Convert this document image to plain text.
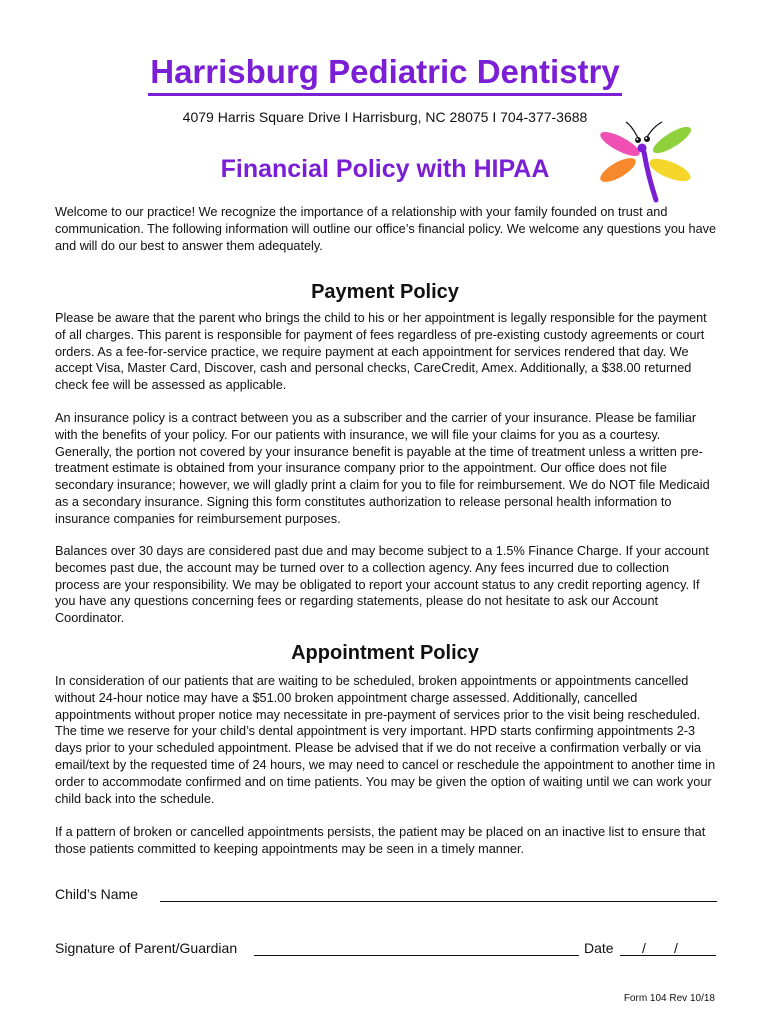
Harrisburg Pediatric Dentistry
4079 Harris Square Drive I Harrisburg, NC 28075 I 704-377-3688
Financial Policy with HIPAA

Welcome to our practice! We recognize the importance of a relationship with your family founded on trust and communication. The following information will outline our office’s financial policy. We welcome any questions you have and will do our best to answer them adequately.

Payment Policy

Please be aware that the parent who brings the child to his or her appointment is legally responsible for the payment of all charges. This parent is responsible for payment of fees regardless of pre-existing custody agreements or court orders. As a fee-for-service practice, we require payment at each appointment for services rendered that day. We accept Visa, Master Card, Discover, cash and personal checks, CareCredit, Amex. Additionally, a $38.00 returned check fee will be assessed as applicable.

An insurance policy is a contract between you as a subscriber and the carrier of your insurance. Please be familiar with the benefits of your policy. For our patients with insurance, we will file your claims for you as a courtesy. Generally, the portion not covered by your insurance benefit is payable at the time of treatment unless a written pre-treatment estimate is obtained from your insurance company prior to the appointment. Our office does not file secondary insurance; however, we will gladly print a claim for you to file for reimbursement. We do NOT file Medicaid as a secondary insurance. Signing this form constitutes authorization to release personal health information to insurance companies for reimbursement purposes.

Balances over 30 days are considered past due and may become subject to a 1.5% Finance Charge. If your account becomes past due, the account may be turned over to a collection agency. Any fees incurred due to collection process are your responsibility. We may be obligated to report your account status to any credit reporting agency. If you have any questions concerning fees or regarding statements, please do not hesitate to ask our Account Coordinator.

Appointment Policy

In consideration of our patients that are waiting to be scheduled, broken appointments or appointments cancelled without 24-hour notice may have a $51.00 broken appointment charge assessed. Additionally, cancelled appointments without proper notice may necessitate in pre-payment of services prior to the visit being rescheduled. The time we reserve for your child’s dental appointment is very important. HPD starts confirming appointments 2-3 days prior to your scheduled appointment. Please be advised that if we do not receive a confirmation verbally or via email/text by the requested time of 24 hours, we may need to cancel or reschedule the appointment to another time in order to accommodate confirmed and on time patients. You may be given the option of waiting until we can work your child back into the schedule.

If a pattern of broken or cancelled appointments persists, the patient may be placed on an inactive list to ensure that those patients committed to keeping appointments may be seen in a timely manner.

Child’s Name
Signature of Parent/Guardian	Date / /
Form 104 Rev 10/18
